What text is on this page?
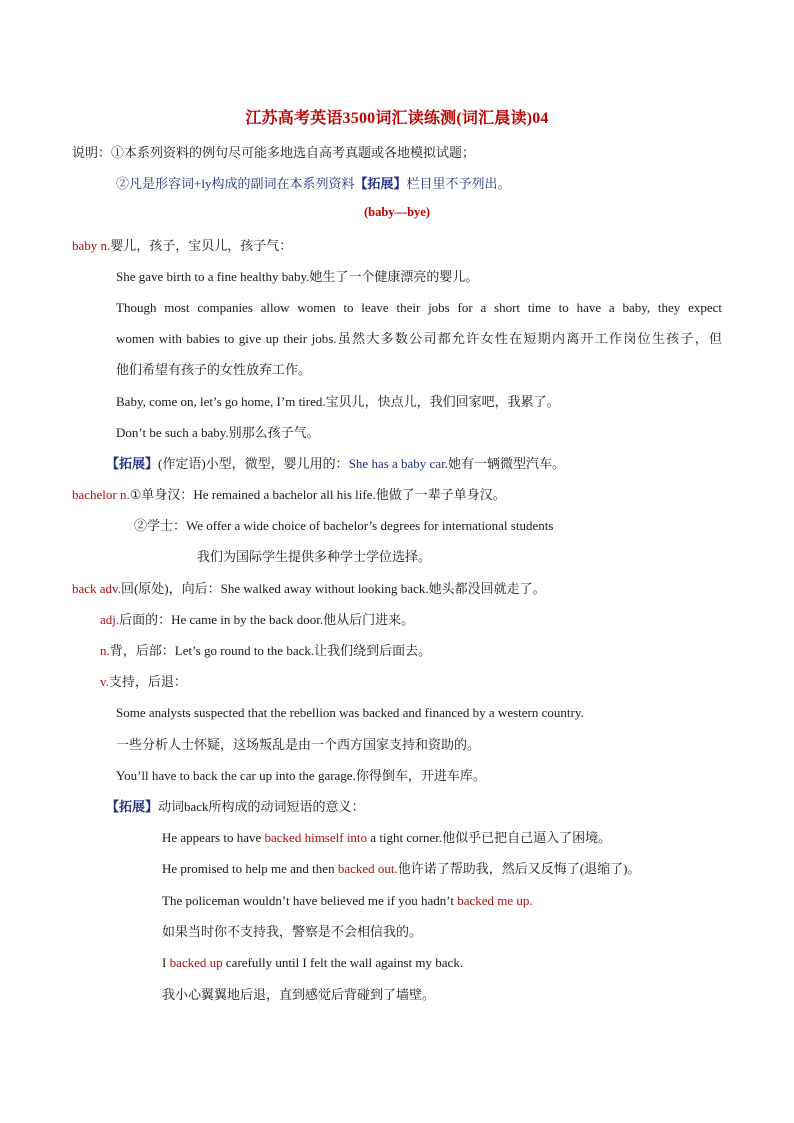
江苏高考英语3500词汇读练测(词汇晨读)04
说明：①本系列资料的例句尽可能多地选自高考真题或各地模拟试题；
②凡是形容词+ly构成的副词在本系列资料【拓展】栏目里不予列出。
(baby—bye)
baby n.婴儿，孩子，宝贝儿，孩子气：
She gave birth to a fine healthy baby.她生了一个健康漂亮的婴儿。
Though most companies allow women to leave their jobs for a short time to have a baby, they expect
women with babies to give up their jobs.虽然大多数公司都允许女性在短期内离开工作岗位生孩子，但
他们希望有孩子的女性放弃工作。
Baby, come on, let’s go home, I’m tired.宝贝儿，快点儿，我们回家吧，我累了。
Don’t be such a baby.别那么孩子气。
【拓展】(作定语)小型，微型，婴儿用的：She has a baby car.她有一辆微型汽车。
bachelor n.①单身汉：He remained a bachelor all his life.他做了一辈子单身汉。
②学士：We offer a wide choice of bachelor’s degrees for international students
我们为国际学生提供多种学士学位选择。
back adv.回(原处)，向后：She walked away without looking back.她头都没回就走了。
adj.后面的：He came in by the back door.他从后门进来。
n.背，后部：Let’s go round to the back.让我们绕到后面去。
v.支持，后退：
Some analysts suspected that the rebellion was backed and financed by a western country.
一些分析人士怀疑，这场叛乱是由一个西方国家支持和资助的。
You’ll have to back the car up into the garage.你得倒车，开进车库。
【拓展】动词back所构成的动词短语的意义：
He appears to have backed himself into a tight corner.他似乎已把自己逼入了困境。
He promised to help me and then backed out.他许诺了帮助我，然后又反悔了(退缩了)。
The policeman wouldn’t have believed me if you hadn’t backed me up.
如果当时你不支持我，警察是不会相信我的。
I backed up carefully until I felt the wall against my back.
我小心翼翼地后退，直到感觉后背碰到了墙壁。
